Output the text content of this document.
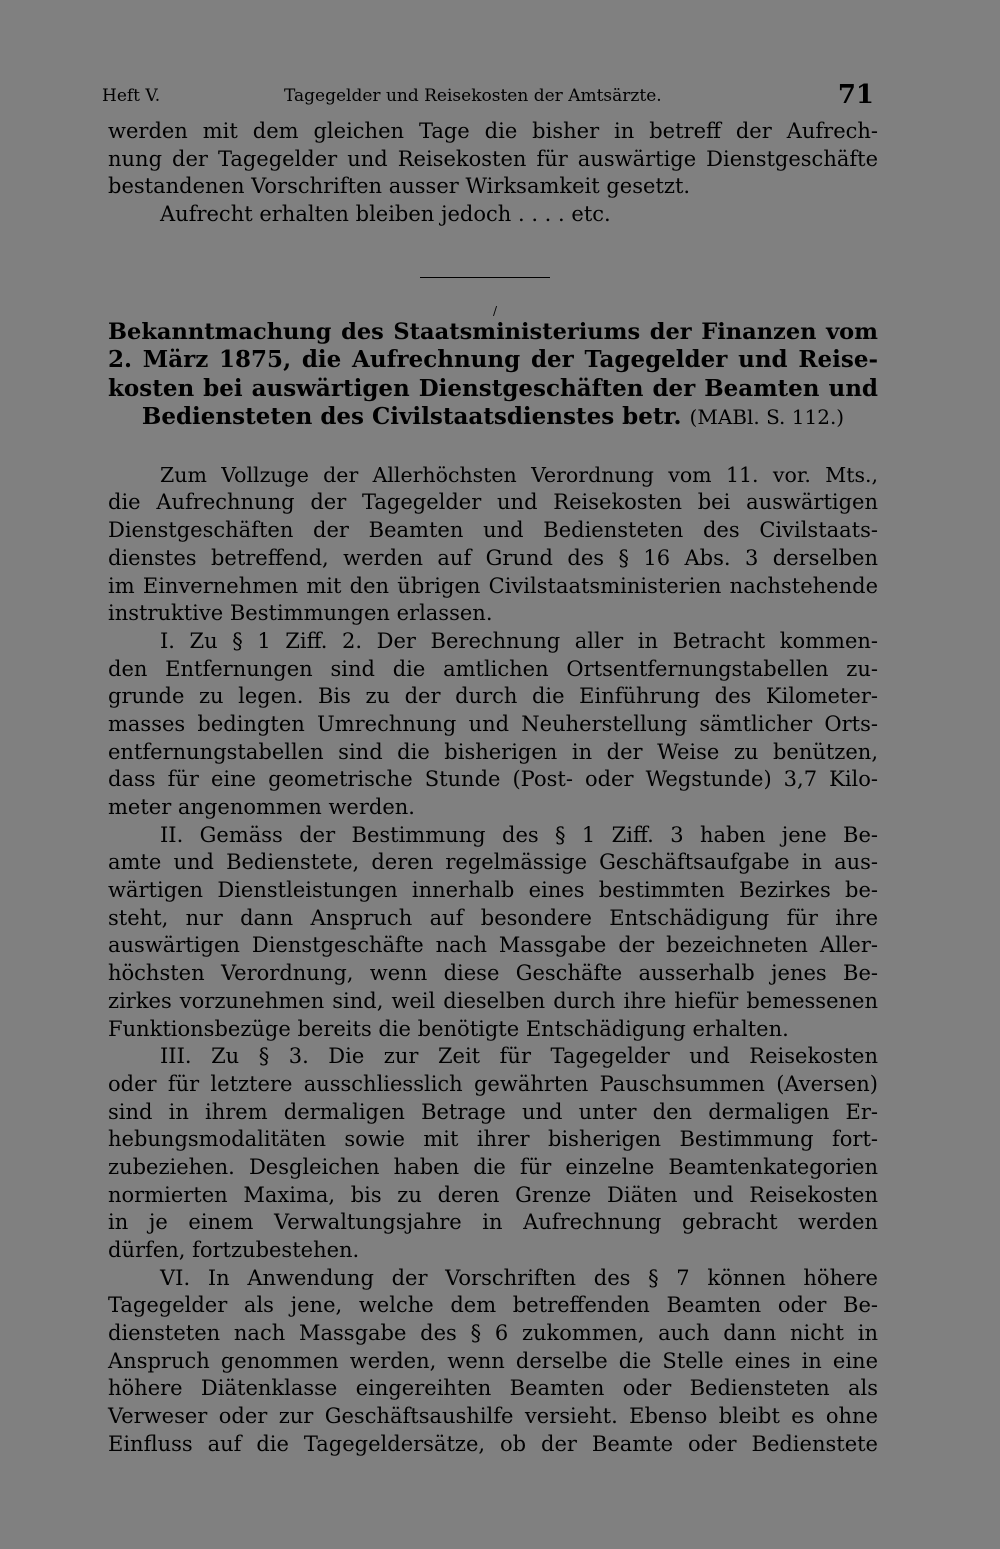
Heft V.	Tagegelder und Reisekosten der Amtsärzte.	71
werden mit dem gleichen Tage die bisher in betreff der Aufrech-
nung der Tagegelder und Reisekosten für auswärtige Dienstgeschäfte
bestandenen Vorschriften ausser Wirksamkeit gesetzt.
Aufrecht erhalten bleiben jedoch . . . . etc.
/
Bekanntmachung des Staatsministeriums der Finanzen vom
2. März 1875, die Aufrechnung der Tagegelder und Reise-
kosten bei auswärtigen Dienstgeschäften der Beamten und
Bediensteten des Civilstaatsdienstes betr. (MABl. S. 112.)
Zum Vollzuge der Allerhöchsten Verordnung vom 11. vor. Mts.,
die Aufrechnung der Tagegelder und Reisekosten bei auswärtigen
Dienstgeschäften der Beamten und Bediensteten des Civilstaats-
dienstes betreffend, werden auf Grund des § 16 Abs. 3 derselben
im Einvernehmen mit den übrigen Civilstaatsministerien nachstehende
instruktive Bestimmungen erlassen.
I. Zu § 1 Ziff. 2. Der Berechnung aller in Betracht kommen-
den Entfernungen sind die amtlichen Ortsentfernungstabellen zu-
grunde zu legen. Bis zu der durch die Einführung des Kilometer-
masses bedingten Umrechnung und Neuherstellung sämtlicher Orts-
entfernungstabellen sind die bisherigen in der Weise zu benützen,
dass für eine geometrische Stunde (Post- oder Wegstunde) 3,7 Kilo-
meter angenommen werden.
II. Gemäss der Bestimmung des § 1 Ziff. 3 haben jene Be-
amte und Bedienstete, deren regelmässige Geschäftsaufgabe in aus-
wärtigen Dienstleistungen innerhalb eines bestimmten Bezirkes be-
steht, nur dann Anspruch auf besondere Entschädigung für ihre
auswärtigen Dienstgeschäfte nach Massgabe der bezeichneten Aller-
höchsten Verordnung, wenn diese Geschäfte ausserhalb jenes Be-
zirkes vorzunehmen sind, weil dieselben durch ihre hiefür bemessenen
Funktionsbezüge bereits die benötigte Entschädigung erhalten.
III. Zu § 3. Die zur Zeit für Tagegelder und Reisekosten
oder für letztere ausschliesslich gewährten Pauschsummen (Aversen)
sind in ihrem dermaligen Betrage und unter den dermaligen Er-
hebungsmodalitäten sowie mit ihrer bisherigen Bestimmung fort-
zubeziehen. Desgleichen haben die für einzelne Beamtenkategorien
normierten Maxima, bis zu deren Grenze Diäten und Reisekosten
in je einem Verwaltungsjahre in Aufrechnung gebracht werden
dürfen, fortzubestehen.
VI. In Anwendung der Vorschriften des § 7 können höhere
Tagegelder als jene, welche dem betreffenden Beamten oder Be-
diensteten nach Massgabe des § 6 zukommen, auch dann nicht in
Anspruch genommen werden, wenn derselbe die Stelle eines in eine
höhere Diätenklasse eingereihten Beamten oder Bediensteten als
Verweser oder zur Geschäftsaushilfe versieht. Ebenso bleibt es ohne
Einfluss auf die Tagegeldersätze, ob der Beamte oder Bedienstete
